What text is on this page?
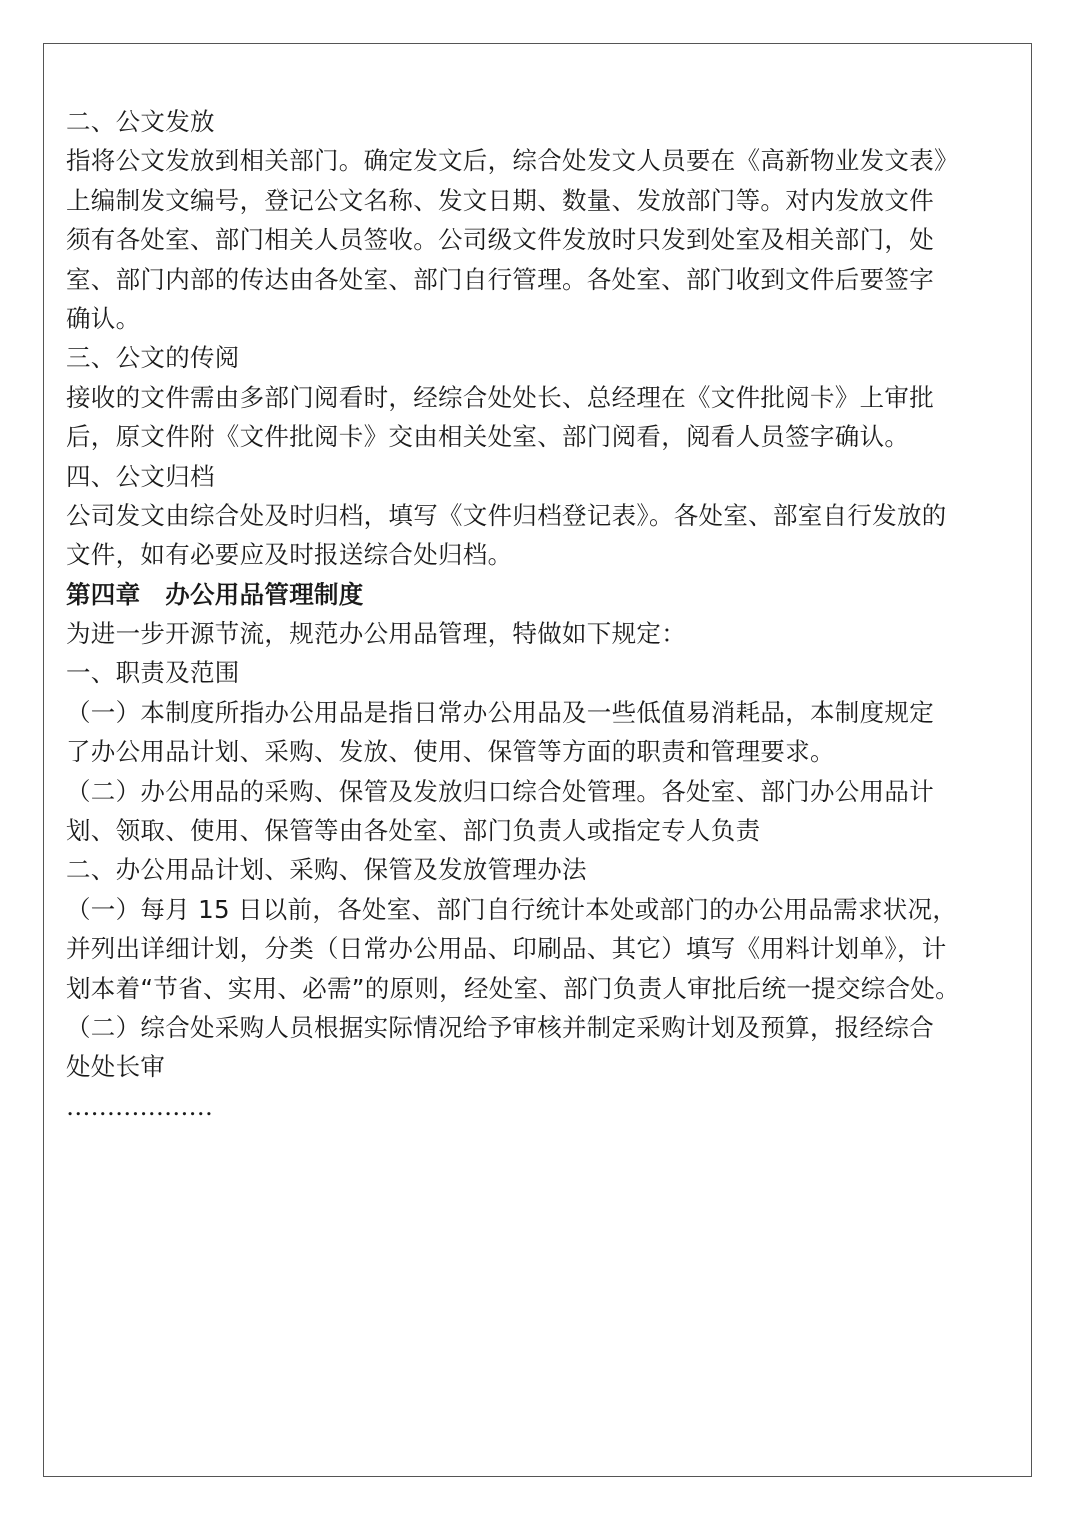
二、公文发放
指将公文发放到相关部门。确定发文后，综合处发文人员要在《高新物业发文表》
上编制发文编号，登记公文名称、发文日期、数量、发放部门等。对内发放文件
须有各处室、部门相关人员签收。公司级文件发放时只发到处室及相关部门，处
室、部门内部的传达由各处室、部门自行管理。各处室、部门收到文件后要签字
确认。
三、公文的传阅
接收的文件需由多部门阅看时，经综合处处长、总经理在《文件批阅卡》上审批
后，原文件附《文件批阅卡》交由相关处室、部门阅看，阅看人员签字确认。
四、公文归档
公司发文由综合处及时归档，填写《文件归档登记表》。各处室、部室自行发放的
文件，如有必要应及时报送综合处归档。
第四章　办公用品管理制度
为进一步开源节流，规范办公用品管理，特做如下规定：
一、职责及范围
（一）本制度所指办公用品是指日常办公用品及一些低值易消耗品，本制度规定
了办公用品计划、采购、发放、使用、保管等方面的职责和管理要求。
（二）办公用品的采购、保管及发放归口综合处管理。各处室、部门办公用品计
划、领取、使用、保管等由各处室、部门负责人或指定专人负责
二、办公用品计划、采购、保管及发放管理办法
（一）每月 15 日以前，各处室、部门自行统计本处或部门的办公用品需求状况，
并列出详细计划，分类（日常办公用品、印刷品、其它）填写《用料计划单》，计
划本着“节省、实用、必需”的原则，经处室、部门负责人审批后统一提交综合处。
（二）综合处采购人员根据实际情况给予审核并制定采购计划及预算，报经综合
处处长审
………………
